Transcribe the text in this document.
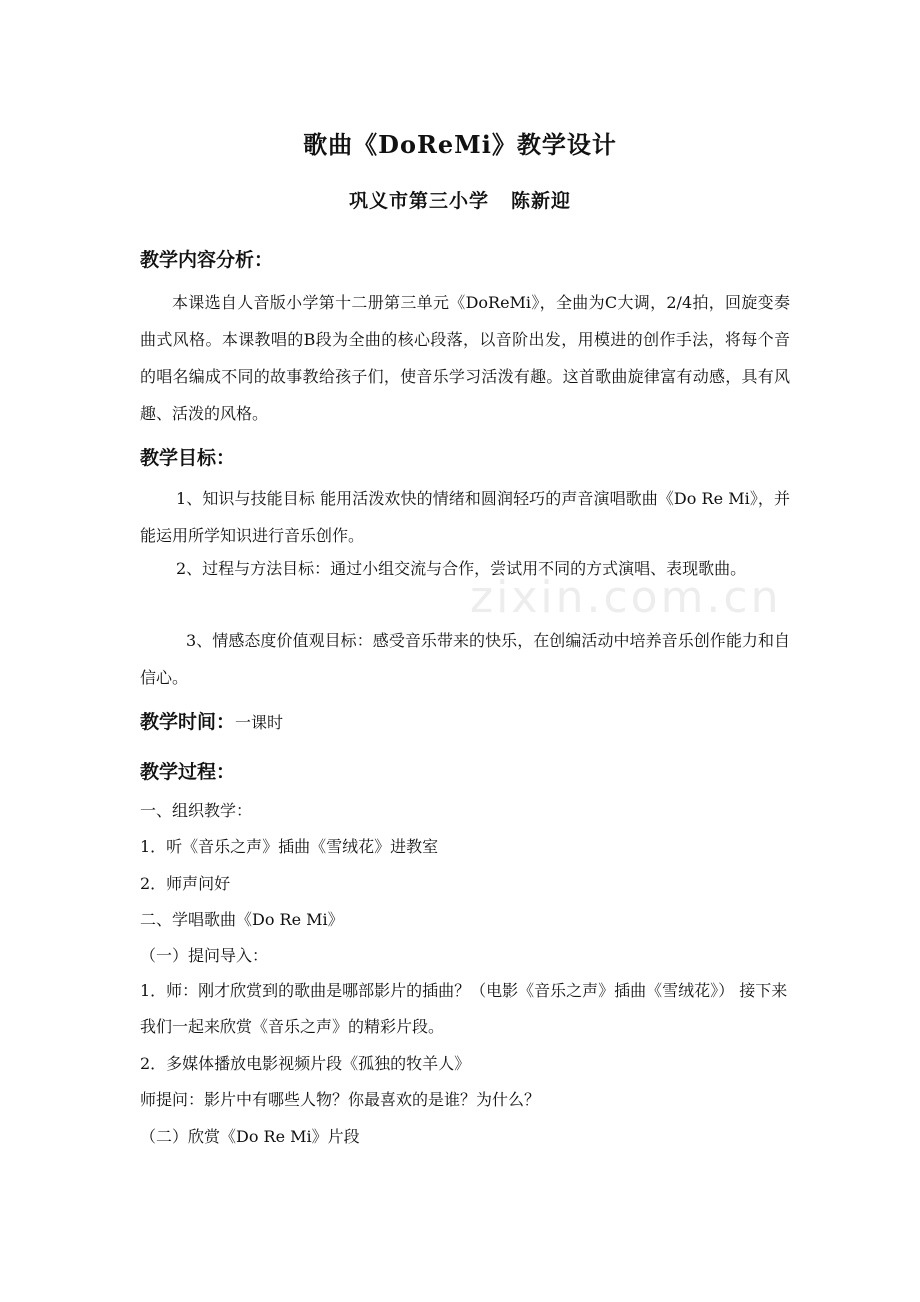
zixin.com.cn
歌曲《DoReMi》教学设计
巩义市第三小学 陈新迎
教学内容分析：
本课选自人音版小学第十二册第三单元《DoReMi》，全曲为C大调，2/4拍，回旋变奏曲式风格。本课教唱的B段为全曲的核心段落，以音阶出发，用模进的创作手法，将每个音的唱名编成不同的故事教给孩子们，使音乐学习活泼有趣。这首歌曲旋律富有动感，具有风趣、活泼的风格。
教学目标：
1、知识与技能目标 能用活泼欢快的情绪和圆润轻巧的声音演唱歌曲《Do Re Mi》，并能运用所学知识进行音乐创作。
2、过程与方法目标：通过小组交流与合作，尝试用不同的方式演唱、表现歌曲。
3、情感态度价值观目标：感受音乐带来的快乐，在创编活动中培养音乐创作能力和自信心。
教学时间：一课时
教学过程：
一、组织教学：
1．听《音乐之声》插曲《雪绒花》进教室
2．师声问好
二、学唱歌曲《Do Re Mi》
（一）提问导入：
1．师：刚才欣赏到的歌曲是哪部影片的插曲？（电影《音乐之声》插曲《雪绒花》） 接下来我们一起来欣赏《音乐之声》的精彩片段。
2．多媒体播放电影视频片段《孤独的牧羊人》
师提问：影片中有哪些人物？你最喜欢的是谁？为什么？
（二）欣赏《Do Re Mi》片段
